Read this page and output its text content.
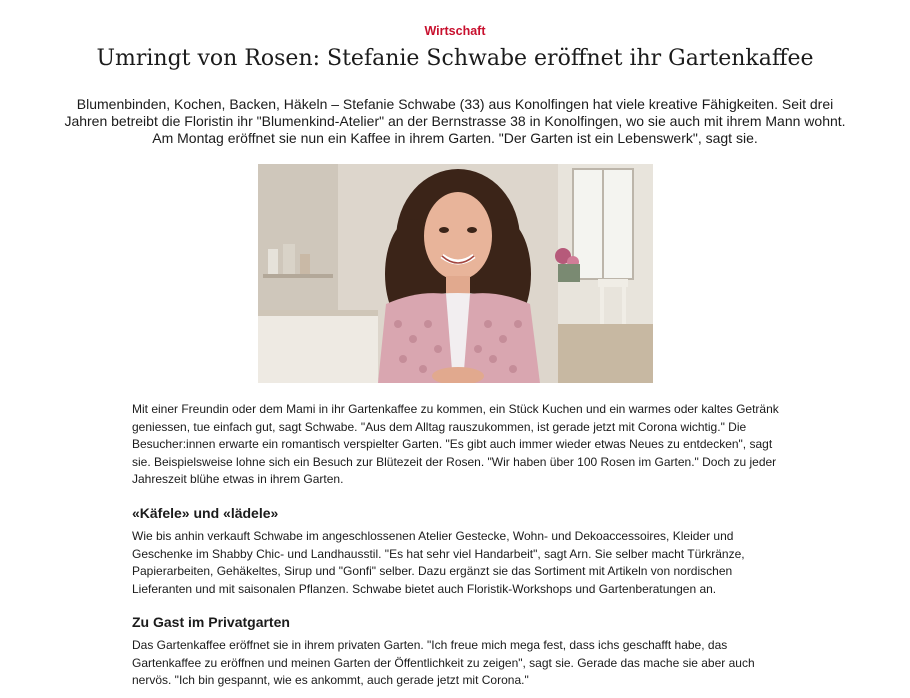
Wirtschaft
Umringt von Rosen: Stefanie Schwabe eröffnet ihr Gartenkaffee

Blumenbinden, Kochen, Backen, Häkeln – Stefanie Schwabe (33) aus Konolfingen hat viele kreative Fähigkeiten. Seit drei Jahren betreibt die Floristin ihr "Blumenkind-Atelier" an der Bernstrasse 38 in Konolfingen, wo sie auch mit ihrem Mann wohnt. Am Montag eröffnet sie nun ein Kaffee in ihrem Garten. "Der Garten ist ein Lebenswerk", sagt sie.

Mit einer Freundin oder dem Mami in ihr Gartenkaffee zu kommen, ein Stück Kuchen und ein warmes oder kaltes Getränk geniessen, tue einfach gut, sagt Schwabe. "Aus dem Alltag rauszukommen, ist gerade jetzt mit Corona wichtig." Die Besucher:innen erwarte ein romantisch verspielter Garten. "Es gibt auch immer wieder etwas Neues zu entdecken", sagt sie. Beispielsweise lohne sich ein Besuch zur Blütezeit der Rosen. "Wir haben über 100 Rosen im Garten." Doch zu jeder Jahreszeit blühe etwas in ihrem Garten.

«Käfele» und «lädele»

Wie bis anhin verkauft Schwabe im angeschlossenen Atelier Gestecke, Wohn- und Dekoaccessoires, Kleider und Geschenke im Shabby Chic- und Landhausstil. "Es hat sehr viel Handarbeit", sagt Arn. Sie selber macht Türkränze, Papierarbeiten, Gehäkeltes, Sirup und "Gonfi" selber. Dazu ergänzt sie das Sortiment mit Artikeln von nordischen Lieferanten und mit saisonalen Pflanzen. Schwabe bietet auch Floristik-Workshops und Gartenberatungen an.

Zu Gast im Privatgarten

Das Gartenkaffee eröffnet sie in ihrem privaten Garten. "Ich freue mich mega fest, dass ichs geschafft habe, das Gartenkaffee zu eröffnen und meinen Garten der Öffentlichkeit zu zeigen", sagt sie. Gerade das mache sie aber auch nervös. "Ich bin gespannt, wie es ankommt, auch gerade jetzt mit Corona."
